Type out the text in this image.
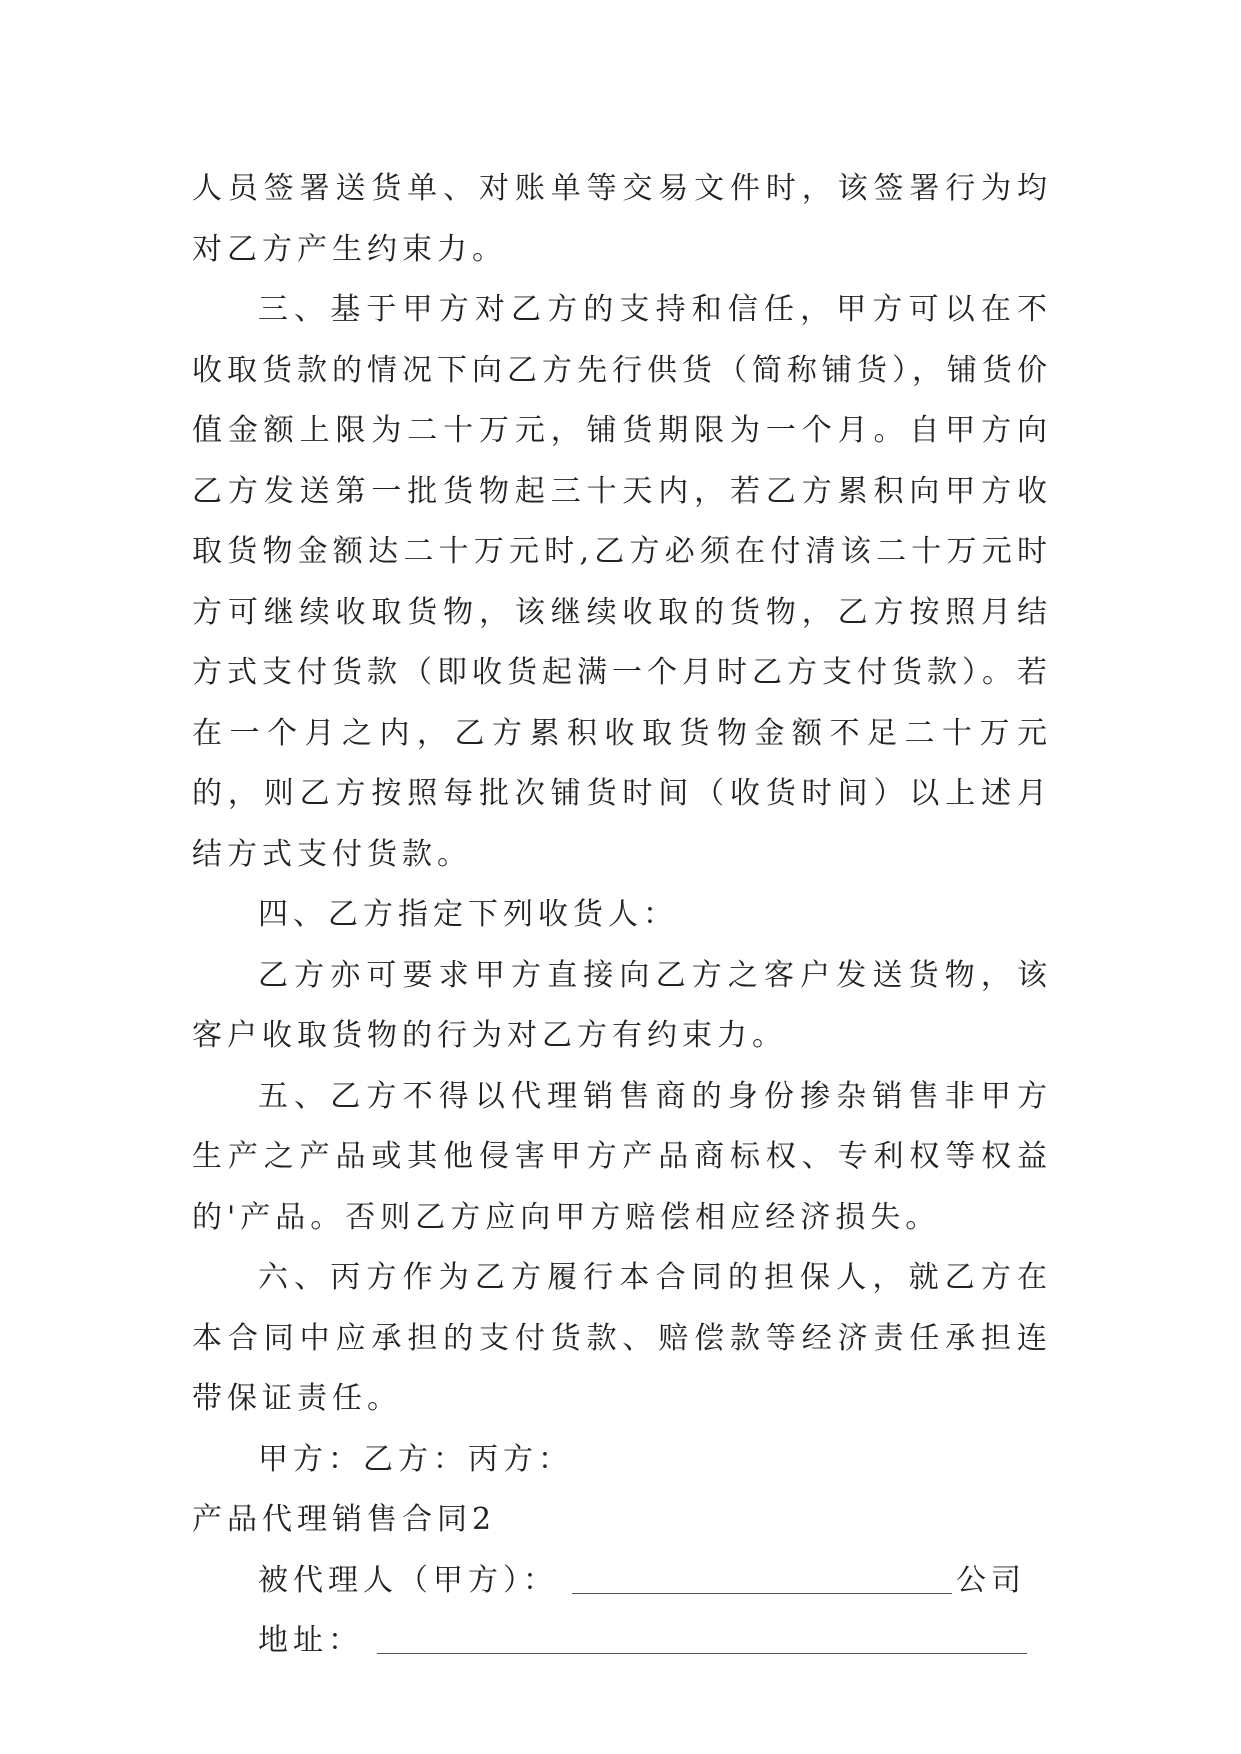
人员签署送货单、对账单等交易文件时，该签署行为均对乙方产生约束力。

三、基于甲方对乙方的支持和信任，甲方可以在不收取货款的情况下向乙方先行供货（简称铺货），铺货价值金额上限为二十万元，铺货期限为一个月。自甲方向乙方发送第一批货物起三十天内，若乙方累积向甲方收取货物金额达二十万元时,乙方必须在付清该二十万元时方可继续收取货物，该继续收取的货物，乙方按照月结方式支付货款（即收货起满一个月时乙方支付货款）。若在一个月之内，乙方累积收取货物金额不足二十万元的，则乙方按照每批次铺货时间（收货时间）以上述月结方式支付货款。

四、乙方指定下列收货人：

乙方亦可要求甲方直接向乙方之客户发送货物，该客户收取货物的行为对乙方有约束力。

五、乙方不得以代理销售商的身份掺杂销售非甲方生产之产品或其他侵害甲方产品商标权、专利权等权益的'产品。否则乙方应向甲方赔偿相应经济损失。

六、丙方作为乙方履行本合同的担保人，就乙方在本合同中应承担的支付货款、赔偿款等经济责任承担连带保证责任。

甲方：乙方：丙方：

产品代理销售合同2

被代理人（甲方）：	公司
地址：
